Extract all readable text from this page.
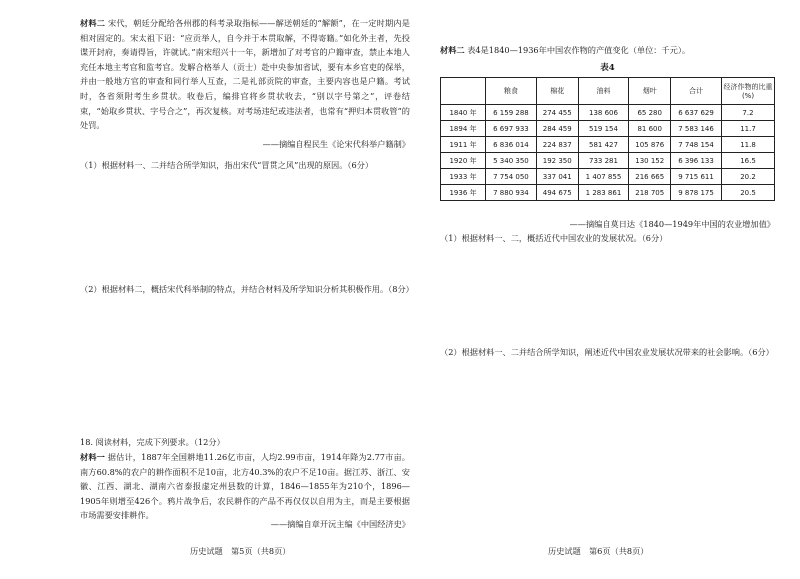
材料二 宋代，朝廷分配给各州郡的科考录取指标——解送朝廷的“解额”，在一定时期内是相对固定的。宋太祖下诏：“应贡举人，自今并于本贯取解，不得寄籍。”如化外主者，先投谍开封府，奏请得旨，许就试。”南宋绍兴十一年，新增加了对考官的户籍审查，禁止本地人充任本地主考官和监考官。发解合格举人（贡士）赴中央参加省试，要有本乡官吏的保举，并由一般地方官的审查和同行举人互查，二是礼部贡院的审查，主要内容也是户籍。考试时，各省须附考生乡贯状。收卷后，编排官将乡贯状收去，“别以字号第之”，评卷结束，“始取乡贯状、字号合之”，再次复核。对考场违纪或违法者，也常有“押归本贯收管”的处罚。

——摘编自程民生《论宋代科举户籍制》

（1）根据材料一、二并结合所学知识，指出宋代“冒贯之风”出现的原因。（6分）

（2）根据材料二，概括宋代科举制的特点，并结合材料及所学知识分析其积极作用。（8分）

18. 阅读材料，完成下列要求。（12分）

材料一 据估计，1887年全国耕地11.26亿市亩，人均2.99市亩，1914年降为2.77市亩。南方60.8%的农户的耕作面积不足10亩，北方40.3%的农户不足10亩。据江苏、浙江、安徽、江西、湖北、湖南六省泰报虚定州县数的计算，1846—1855年为210个，1896—1905年则增至426个。鸦片战争后，农民耕作的产品不再仅仅以自用为主，而是主要根据市场需要安排耕作。

——摘编自章开沅主编《中国经济史》

历史试题　第5页（共8页）

材料二 表4是1840—1936年中国农作物的产值变化（单位：千元）。

表4
	粮食	棉花	油料	烟叶	合计	经济作物的比重(%)
1840 年	6 159 288	274 455	138 606	65 280	6 637 629	7.2
1894 年	6 697 933	284 459	519 154	81 600	7 583 146	11.7
1911 年	6 836 014	224 837	581 427	105 876	7 748 154	11.8
1920 年	5 340 350	192 350	733 281	130 152	6 396 133	16.5
1933 年	7 754 050	337 041	1 407 855	216 665	9 715 611	20.2
1936 年	7 880 934	494 675	1 283 861	218 705	9 878 175	20.5

——摘编自莫日达《1840—1949年中国的农业增加值》

（1）根据材料一、二，概括近代中国农业的发展状况。（6分）

（2）根据材料一、二并结合所学知识，阐述近代中国农业发展状况带来的社会影响。（6分）

历史试题　第6页（共8页）
